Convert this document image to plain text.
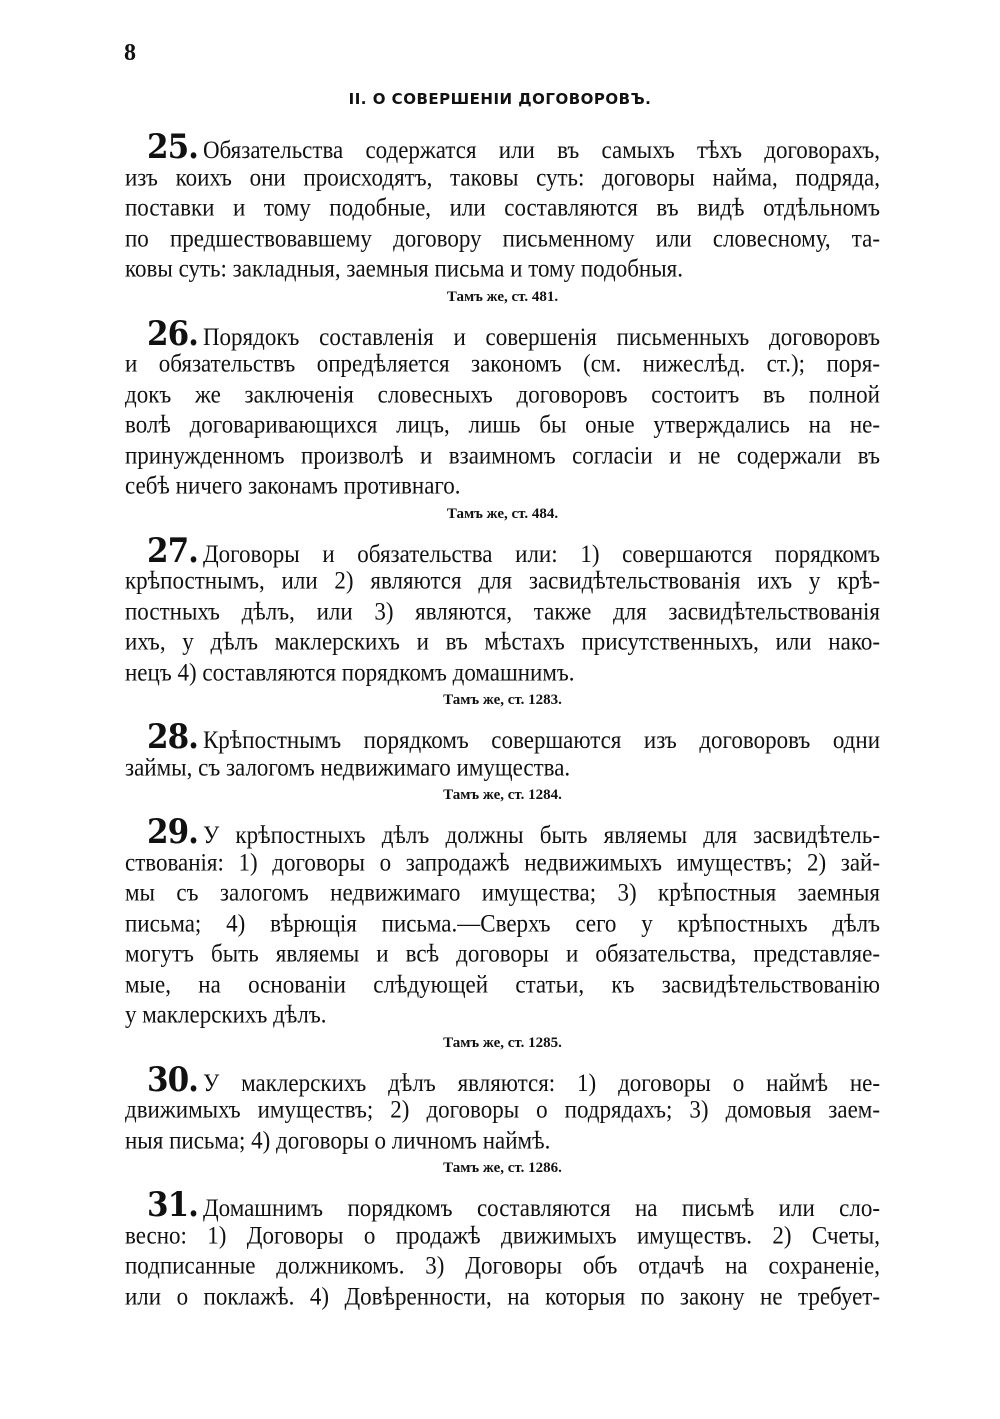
8
II. О СОВЕРШЕНІИ ДОГОВОРОВЪ.
25. Обязательства содержатся или въ самыхъ тѣхъ договорахъ,
изъ коихъ они происходятъ, таковы суть: договоры найма, подряда,
поставки и тому подобные, или составляются въ видѣ отдѣльномъ
по предшествовавшему договору письменному или словесному, та-
ковы суть: закладныя, заемныя письма и тому подобныя.
Тамъ же, ст. 481.
26. Порядокъ составленія и совершенія письменныхъ договоровъ
и обязательствъ опредѣляется закономъ (см. нижеслѣд. ст.); поря-
докъ же заключенія словесныхъ договоровъ состоитъ въ полной
волѣ договаривающихся лицъ, лишь бы оные утверждались на не-
принужденномъ произволѣ и взаимномъ согласіи и не содержали въ
себѣ ничего законамъ противнаго.
Тамъ же, ст. 484.
27. Договоры и обязательства или: 1) совершаются порядкомъ
крѣпостнымъ, или 2) являются для засвидѣтельствованія ихъ у крѣ-
постныхъ дѣлъ, или 3) являются, также для засвидѣтельствованія
ихъ, у дѣлъ маклерскихъ и въ мѣстахъ присутственныхъ, или нако-
нецъ 4) составляются порядкомъ домашнимъ.
Тамъ же, ст. 1283.
28. Крѣпостнымъ порядкомъ совершаются изъ договоровъ одни
займы, съ залогомъ недвижимаго имущества.
Тамъ же, ст. 1284.
29. У крѣпостныхъ дѣлъ должны быть являемы для засвидѣтель-
ствованія: 1) договоры о запродажѣ недвижимыхъ имуществъ; 2) зай-
мы съ залогомъ недвижимаго имущества; 3) крѣпостныя заемныя
письма; 4) вѣрющія письма.—Сверхъ сего у крѣпостныхъ дѣлъ
могутъ быть являемы и всѣ договоры и обязательства, представляе-
мые, на основаніи слѣдующей статьи, къ засвидѣтельствованію
у маклерскихъ дѣлъ.
Тамъ же, ст. 1285.
30. У маклерскихъ дѣлъ являются: 1) договоры о наймѣ не-
движимыхъ имуществъ; 2) договоры о подрядахъ; 3) домовыя заем-
ныя письма; 4) договоры о личномъ наймѣ.
Тамъ же, ст. 1286.
31. Домашнимъ порядкомъ составляются на письмѣ или сло-
весно: 1) Договоры о продажѣ движимыхъ имуществъ. 2) Счеты,
подписанные должникомъ. 3) Договоры объ отдачѣ на сохраненіе,
или о поклажѣ. 4) Довѣренности, на которыя по закону не требует-
